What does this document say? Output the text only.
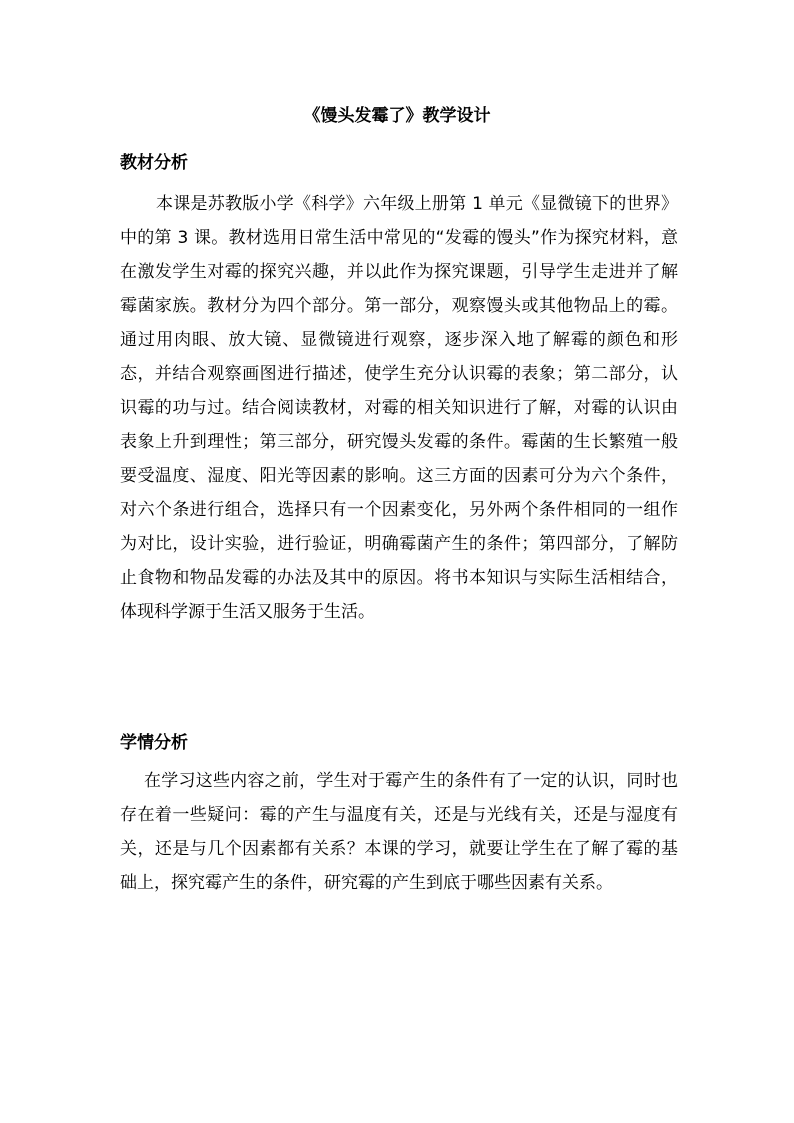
《馒头发霉了》教学设计
教材分析

本课是苏教版小学《科学》六年级上册第 1 单元《显微镜下的世界》中的第 3 课。教材选用日常生活中常见的“发霉的馒头”作为探究材料，意在激发学生对霉的探究兴趣，并以此作为探究课题，引导学生走进并了解霉菌家族。教材分为四个部分。第一部分，观察馒头或其他物品上的霉。通过用肉眼、放大镜、显微镜进行观察，逐步深入地了解霉的颜色和形态，并结合观察画图进行描述，使学生充分认识霉的表象；第二部分，认识霉的功与过。结合阅读教材，对霉的相关知识进行了解，对霉的认识由表象上升到理性；第三部分，研究馒头发霉的条件。霉菌的生长繁殖一般要受温度、湿度、阳光等因素的影响。这三方面的因素可分为六个条件，对六个条进行组合，选择只有一个因素变化，另外两个条件相同的一组作为对比，设计实验，进行验证，明确霉菌产生的条件；第四部分，了解防止食物和物品发霉的办法及其中的原因。将书本知识与实际生活相结合，体现科学源于生活又服务于生活。

学情分析

在学习这些内容之前，学生对于霉产生的条件有了一定的认识，同时也存在着一些疑问：霉的产生与温度有关，还是与光线有关，还是与湿度有关，还是与几个因素都有关系？本课的学习，就要让学生在了解了霉的基础上，探究霉产生的条件，研究霉的产生到底于哪些因素有关系。
